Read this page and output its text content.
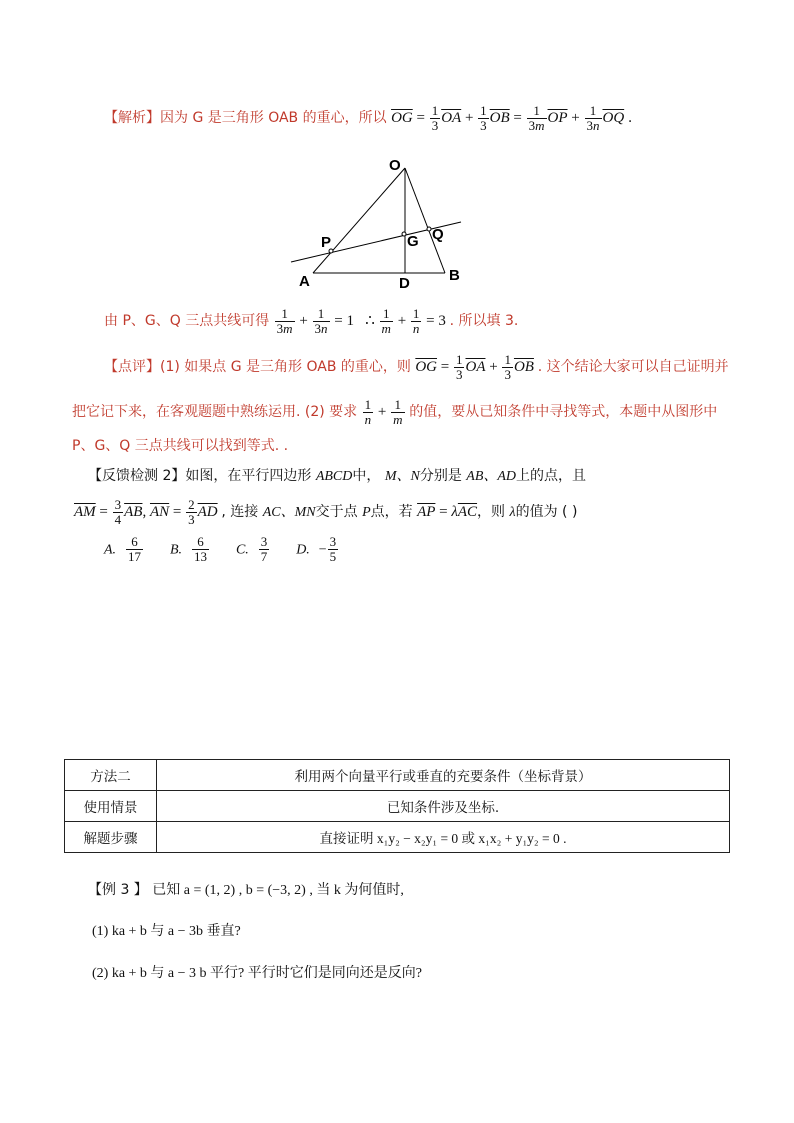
【解析】因为 G 是三角形 OAB 的重心，所以 $\overline{OG} = \frac{1}{3} \overline{OA} + \frac{1}{3} \overline{OB} = \frac{1}{3m} \overline{OP} + \frac{1}{3n} \overline{OQ}$ .
O
P	G Q
A	D	B
由 P、G、Q 三点共线可得 $\frac{1}{3m} + \frac{1}{3n} = 1$ ∴ $\frac{1}{m} + \frac{1}{n} = 3$ . 所以填 3.
【点评】(1) 如果点 G 是三角形 OAB 的重心，则 $\overline{OG} = \frac{1}{3} \overline{OA} + \frac{1}{3} \overline{OB}$ . 这个结论大家可以自己证明并
把它记下来，在客观题题中熟练运用. (2) 要求 $\frac{1}{n} + \frac{1}{m}$ 的值，要从已知条件中寻找等式，本题中从图形中
P、G、Q 三点共线可以找到等式. .
【反馈检测 2】如图，在平行四边形 ABCD中， M、N分别是 AB、AD上的点，且
$\overline{AM} = \frac{3}{4} \overline{AB}$, $\overline{AN} = \frac{2}{3} \overline{AD}$ , 连接 AC、MN交于点 P点，若 $\overline{AP} = \lambda\overline{AC}$，则 λ的值为 ( )
A. $\frac{6}{17} B$. $\frac{6}{13} C$. $\frac{3}{7} D$. − $\frac{3}{5}$
方法二	利用两个向量平行或垂直的充要条件（坐标背景）
使用情景	已知条件涉及坐标.
解题步骤	直接证明 x₁y₂ − x₂y₁ = 0 或 x₁x₂ + y₁y₂ = 0 .
【例 3 】 已知 a = (1, 2) , b = (−3, 2) , 当 k 为何值时,
(1) ka + b 与 a − 3b 垂直?
(2) ka + b 与 a − 3 b 平行? 平行时它们是同向还是反向?
